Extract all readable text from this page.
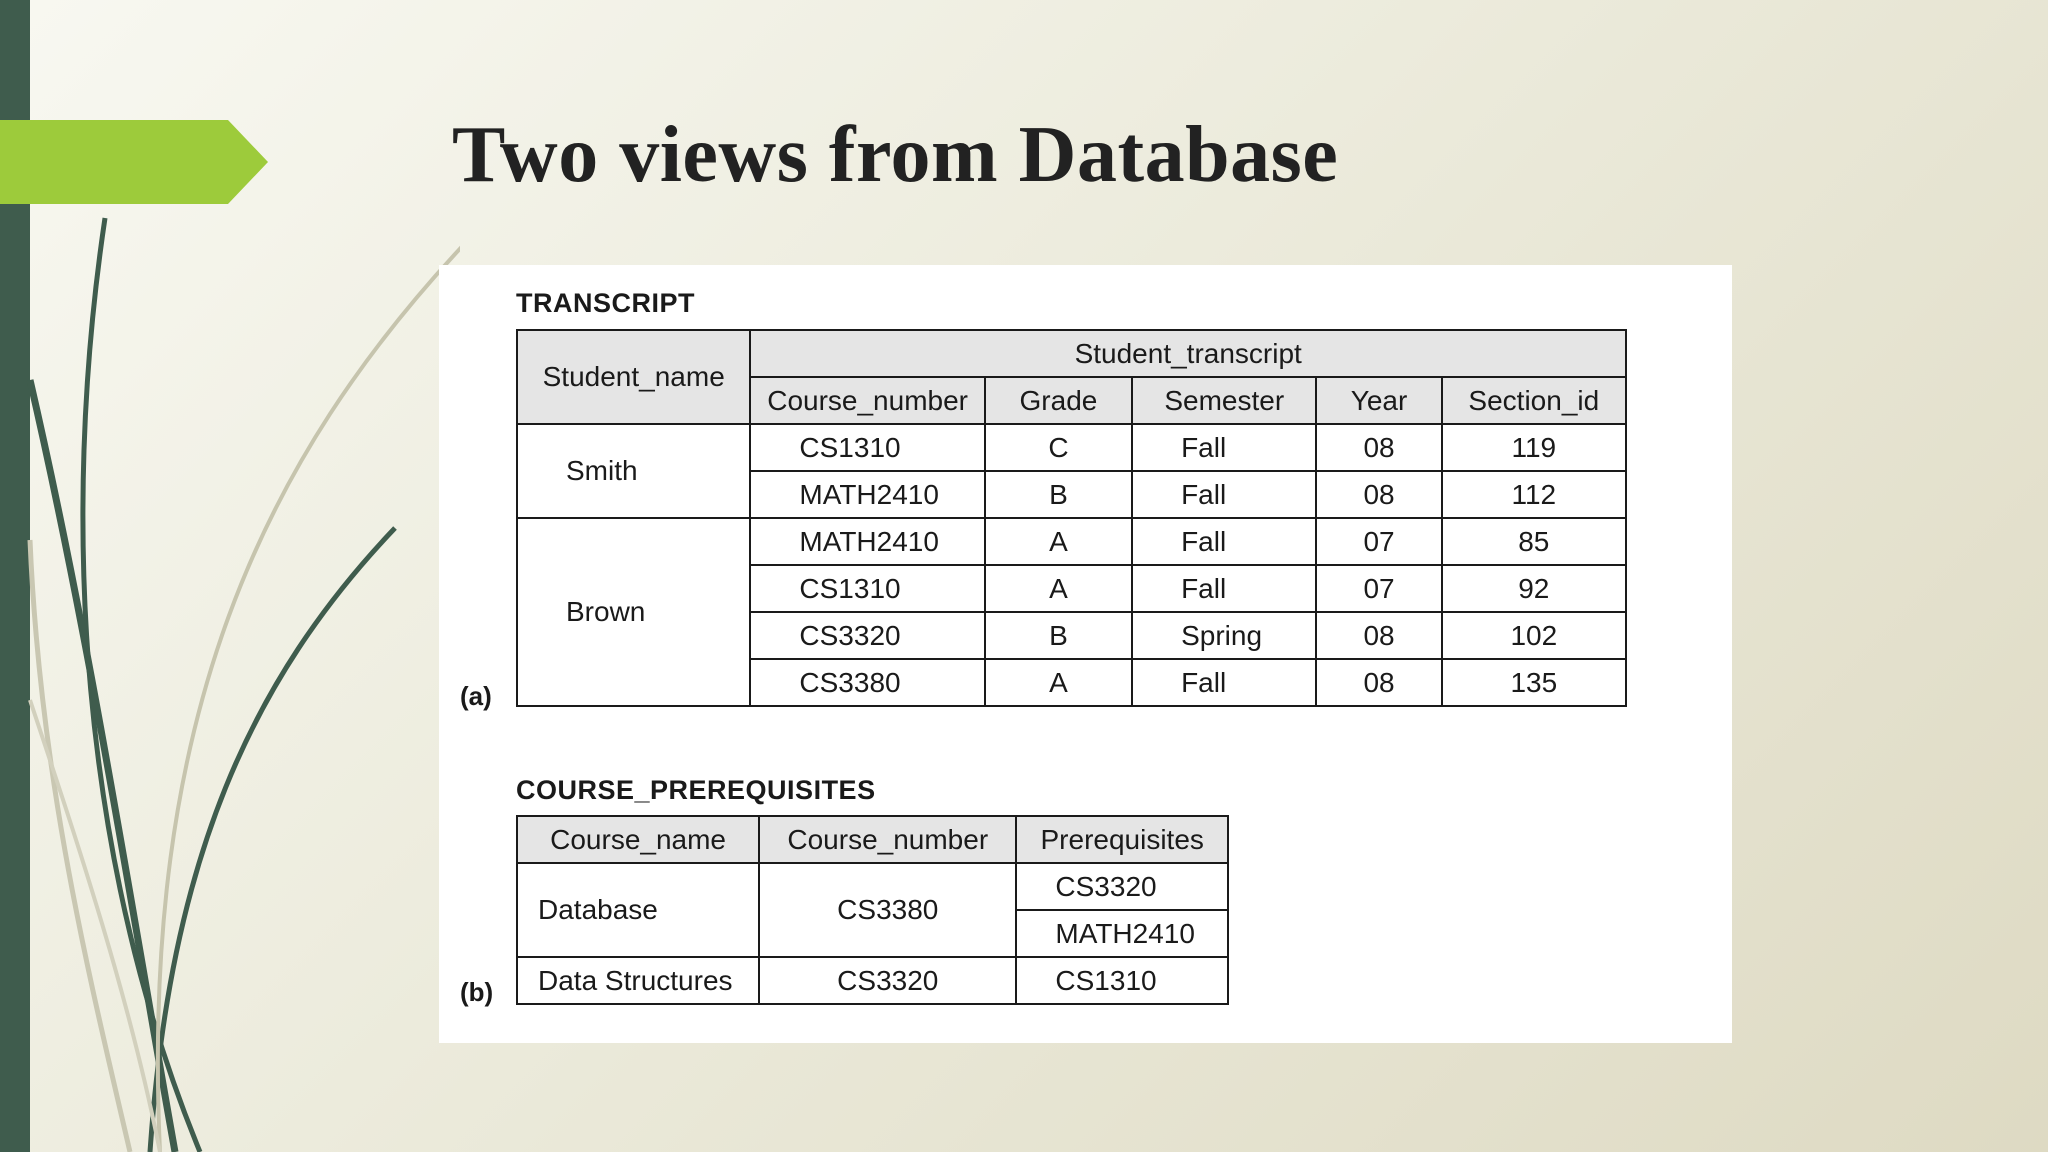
Two views from Database
TRANSCRIPT
(a)
Student_name	Student_transcript				
	Course_number	Grade	Semester	Year	Section_id
Smith	CS1310	C	Fall	08	119
	MATH2410	B	Fall	08	112
Brown	MATH2410	A	Fall	07	85
	CS1310	A	Fall	07	92
	CS3320	B	Spring	08	102
	CS3380	A	Fall	08	135
COURSE_PREREQUISITES
(b)
Course_name	Course_number	Prerequisites
Database	CS3380	CS3320
		MATH2410
Data Structures	CS3320	CS1310
